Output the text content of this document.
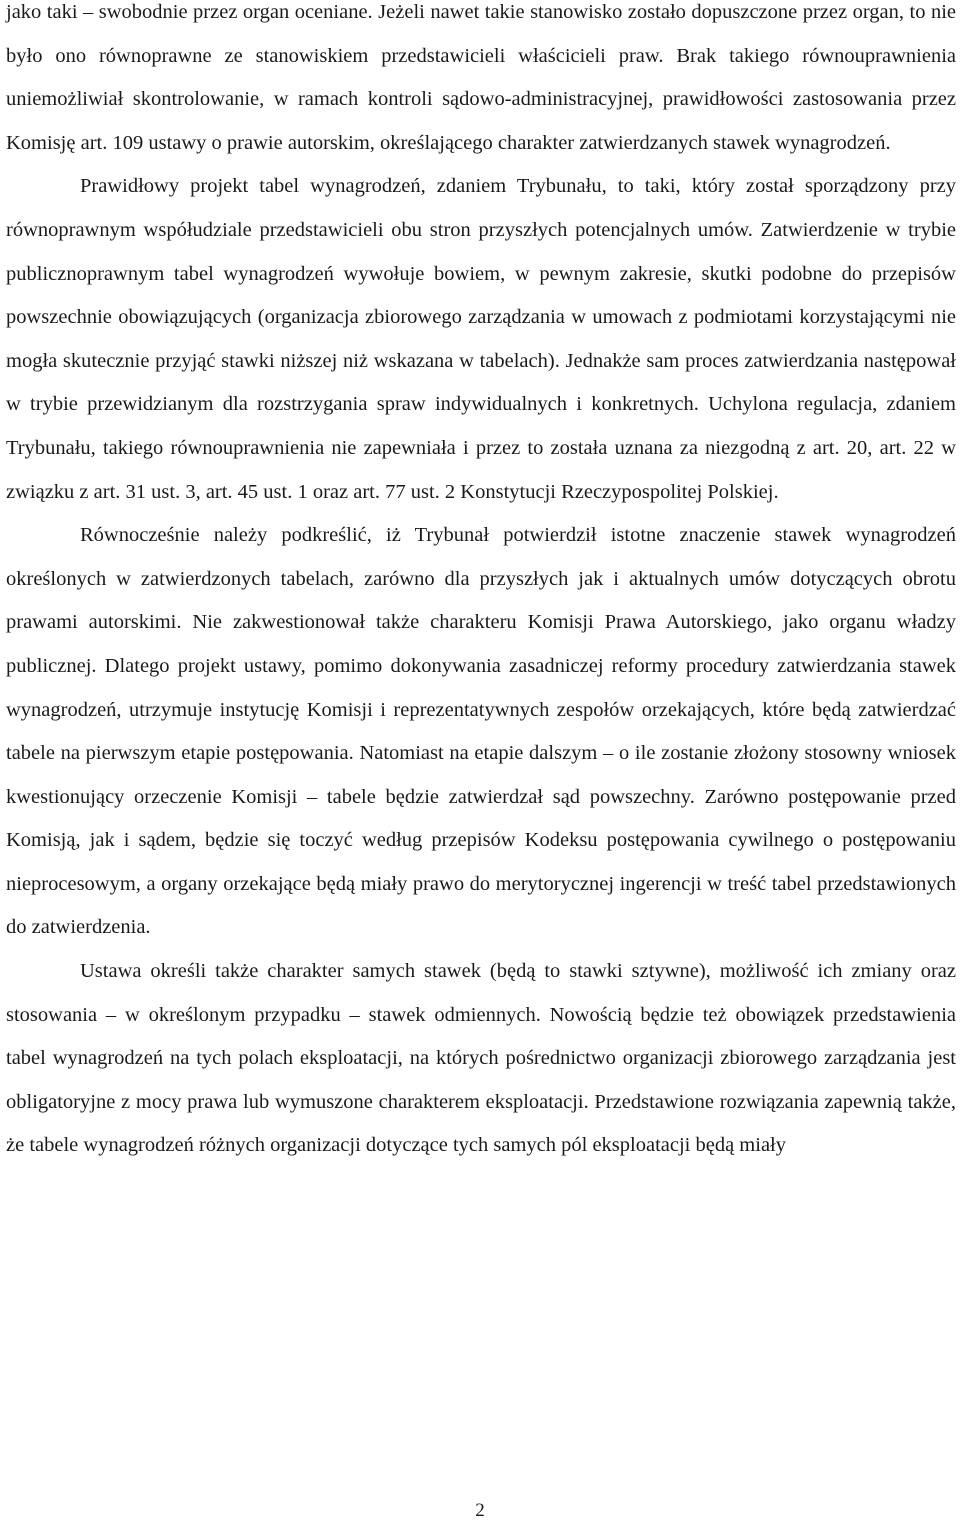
jako taki – swobodnie przez organ oceniane. Jeżeli nawet takie stanowisko zostało dopuszczone przez organ, to nie było ono równoprawne ze stanowiskiem przedstawicieli właścicieli praw. Brak takiego równouprawnienia uniemożliwiał skontrolowanie, w ramach kontroli sądowo-administracyjnej, prawidłowości zastosowania przez Komisję art. 109 ustawy o prawie autorskim, określającego charakter zatwierdzanych stawek wynagrodzeń.

Prawidłowy projekt tabel wynagrodzeń, zdaniem Trybunału, to taki, który został sporządzony przy równoprawnym współudziale przedstawicieli obu stron przyszłych potencjalnych umów. Zatwierdzenie w trybie publicznoprawnym tabel wynagrodzeń wywołuje bowiem, w pewnym zakresie, skutki podobne do przepisów powszechnie obowiązujących (organizacja zbiorowego zarządzania w umowach z podmiotami korzystającymi nie mogła skutecznie przyjąć stawki niższej niż wskazana w tabelach). Jednakże sam proces zatwierdzania następował w trybie przewidzianym dla rozstrzygania spraw indywidualnych i konkretnych. Uchylona regulacja, zdaniem Trybunału, takiego równouprawnienia nie zapewniała i przez to została uznana za niezgodną z art. 20, art. 22 w związku z art. 31 ust. 3, art. 45 ust. 1 oraz art. 77 ust. 2 Konstytucji Rzeczypospolitej Polskiej.

Równocześnie należy podkreślić, iż Trybunał potwierdził istotne znaczenie stawek wynagrodzeń określonych w zatwierdzonych tabelach, zarówno dla przyszłych jak i aktualnych umów dotyczących obrotu prawami autorskimi. Nie zakwestionował także charakteru Komisji Prawa Autorskiego, jako organu władzy publicznej. Dlatego projekt ustawy, pomimo dokonywania zasadniczej reformy procedury zatwierdzania stawek wynagrodzeń, utrzymuje instytucję Komisji i reprezentatywnych zespołów orzekających, które będą zatwierdzać tabele na pierwszym etapie postępowania. Natomiast na etapie dalszym – o ile zostanie złożony stosowny wniosek kwestionujący orzeczenie Komisji – tabele będzie zatwierdzał sąd powszechny. Zarówno postępowanie przed Komisją, jak i sądem, będzie się toczyć według przepisów Kodeksu postępowania cywilnego o postępowaniu nieprocesowym, a organy orzekające będą miały prawo do merytorycznej ingerencji w treść tabel przedstawionych do zatwierdzenia.

Ustawa określi także charakter samych stawek (będą to stawki sztywne), możliwość ich zmiany oraz stosowania – w określonym przypadku – stawek odmiennych. Nowością będzie też obowiązek przedstawienia tabel wynagrodzeń na tych polach eksploatacji, na których pośrednictwo organizacji zbiorowego zarządzania jest obligatoryjne z mocy prawa lub wymuszone charakterem eksploatacji. Przedstawione rozwiązania zapewnią także, że tabele wynagrodzeń różnych organizacji dotyczące tych samych pól eksploatacji będą miały

2
